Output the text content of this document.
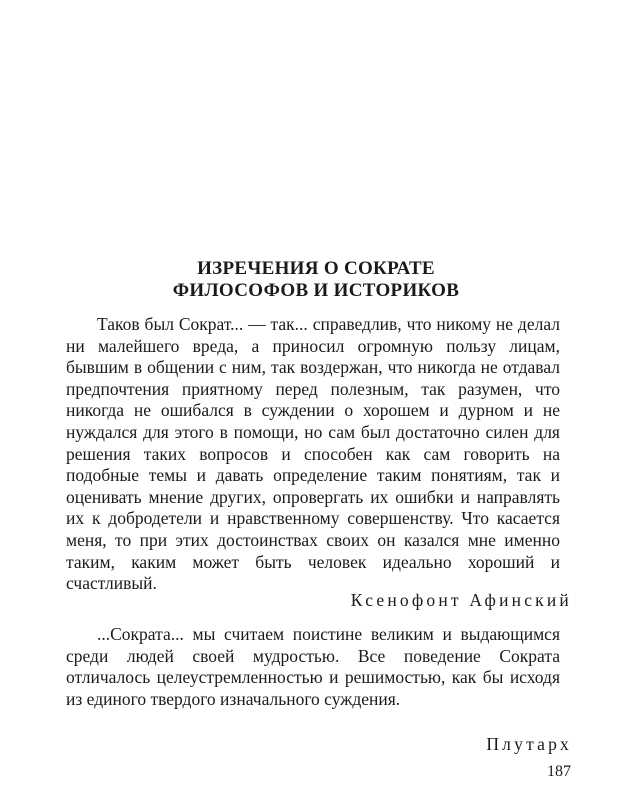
ИЗРЕЧЕНИЯ О СОКРАТЕ
ФИЛОСОФОВ И ИСТОРИКОВ

Таков был Сократ... — так... справедлив, что никому не делал ни малейшего вреда, а приносил огромную пользу лицам, бывшим в общении с ним, так воздержан, что никогда не отдавал предпочтения приятному перед полезным, так разумен, что никогда не ошибался в суждении о хорошем и дурном и не нуждался для этого в помощи, но сам был достаточно силен для решения таких вопросов и способен как сам говорить на подобные темы и давать определение таким понятиям, так и оценивать мнение других, опровергать их ошибки и направлять их к добродетели и нравственному совершенству. Что касается меня, то при этих достоинствах своих он казался мне именно таким, каким может быть человек идеально хороший и счастливый.

Ксенофонт Афинский

...Сократа... мы считаем поистине великим и выдающимся среди людей своей мудростью. Все поведение Сократа отличалось целеустремленностью и решимостью, как бы исходя из единого твердого изначального суждения.

Плутарх
187
